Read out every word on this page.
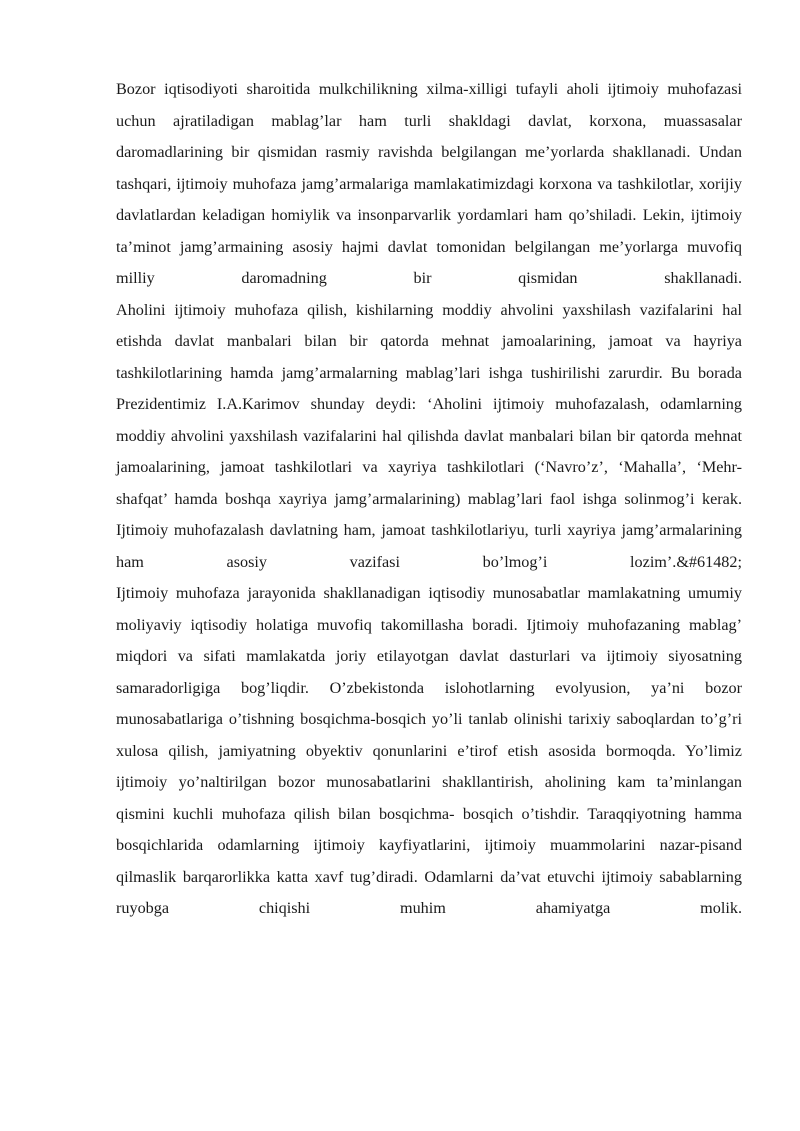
Bozor iqtisodiyoti sharoitida mulkchilikning xilma-xilligi tufayli aholi ijtimoiy muhofazasi uchun ajratiladigan mablag’lar ham turli shakldagi davlat, korxona, muassasalar daromadlarining bir qismidan rasmiy ravishda belgilangan me’yorlarda shakllanadi. Undan tashqari, ijtimoiy muhofaza jamg’armalariga mamlakatimizdagi korxona va tashkilotlar, xorijiy davlatlardan keladigan homiylik va insonparvarlik yordamlari ham qo’shiladi. Lekin, ijtimoiy ta’minot jamg’armaining asosiy hajmi davlat tomonidan belgilangan me’yorlarga muvofiq milliy daromadning bir qismidan shakllanadi.

Aholini ijtimoiy muhofaza qilish, kishilarning moddiy ahvolini yaxshilash vazifalarini hal etishda davlat manbalari bilan bir qatorda mehnat jamoalarining, jamoat va hayriya tashkilotlarining hamda jamg’armalarning mablag’lari ishga tushirilishi zarurdir. Bu borada Prezidentimiz I.A.Karimov shunday deydi: ‘Aholini ijtimoiy muhofazalash, odamlarning moddiy ahvolini yaxshilash vazifalarini hal qilishda davlat manbalari bilan bir qatorda mehnat jamoalarining, jamoat tashkilotlari va xayriya tashkilotlari (‘Navro’z’, ‘Mahalla’, ‘Mehr-shafqat’ hamda boshqa xayriya jamg’armalarining) mablag’lari faol ishga solinmog’i kerak.

Ijtimoiy muhofazalash davlatning ham, jamoat tashkilotlariyu, turli xayriya jamg’armalarining ham asosiy vazifasi bo’lmog’i lozim’.&#61482;

Ijtimoiy muhofaza jarayonida shakllanadigan iqtisodiy munosabatlar mamlakatning umumiy moliyaviy iqtisodiy holatiga muvofiq takomillasha boradi. Ijtimoiy muhofazaning mablag’ miqdori va sifati mamlakatda joriy etilayotgan davlat dasturlari va ijtimoiy siyosatning samaradorligiga bog’liqdir. O’zbekistonda islohotlarning evolyusion, ya’ni bozor munosabatlariga o’tishning bosqichma-bosqich yo’li tanlab olinishi tarixiy saboqlardan to’g’ri xulosa qilish, jamiyatning obyektiv qonunlarini e’tirof etish asosida bormoqda. Yo’limiz ijtimoiy yo’naltirilgan bozor munosabatlarini shakllantirish, aholining kam ta’minlangan qismini kuchli muhofaza qilish bilan bosqichma- bosqich o’tishdir. Taraqqiyotning hamma bosqichlarida odamlarning ijtimoiy kayfiyatlarini, ijtimoiy muammolarini nazar-pisand qilmaslik barqarorlikka katta xavf tug’diradi. Odamlarni da’vat etuvchi ijtimoiy sabablarning ruyobga chiqishi muhim ahamiyatga molik.
